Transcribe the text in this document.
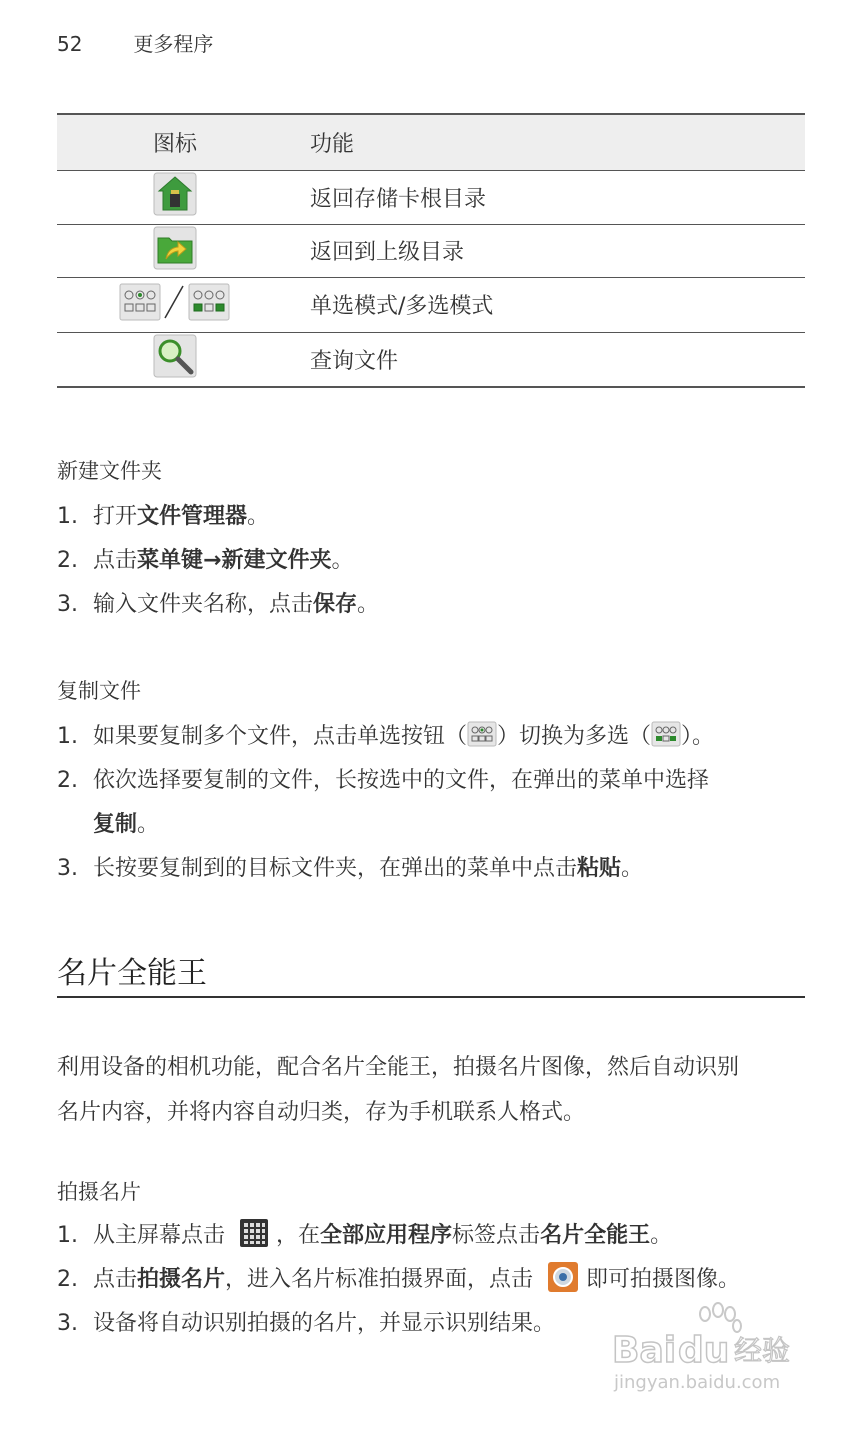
52	更多程序
图标	功能
	返回存储卡根目录
	返回到上级目录
	单选模式/多选模式
	查询文件
新建文件夹
1. 打开文件管理器。
2. 点击菜单键→新建文件夹。
3. 输入文件夹名称，点击保存。
复制文件
1. 如果要复制多个文件，点击单选按钮（ ）切换为多选（ ）。
2. 依次选择要复制的文件，长按选中的文件，在弹出的菜单中选择
复制。
3. 长按要复制到的目标文件夹，在弹出的菜单中点击粘贴。
名片全能王
利用设备的相机功能，配合名片全能王，拍摄名片图像，然后自动识别
名片内容，并将内容自动归类，存为手机联系人格式。
拍摄名片
1. 从主屏幕点击 ，在全部应用程序标签点击名片全能王。
2. 点击拍摄名片，进入名片标准拍摄界面，点击 即可拍摄图像。
3. 设备将自动识别拍摄的名片，并显示识别结果。
Bai du 经验
jingyan.baidu.com
